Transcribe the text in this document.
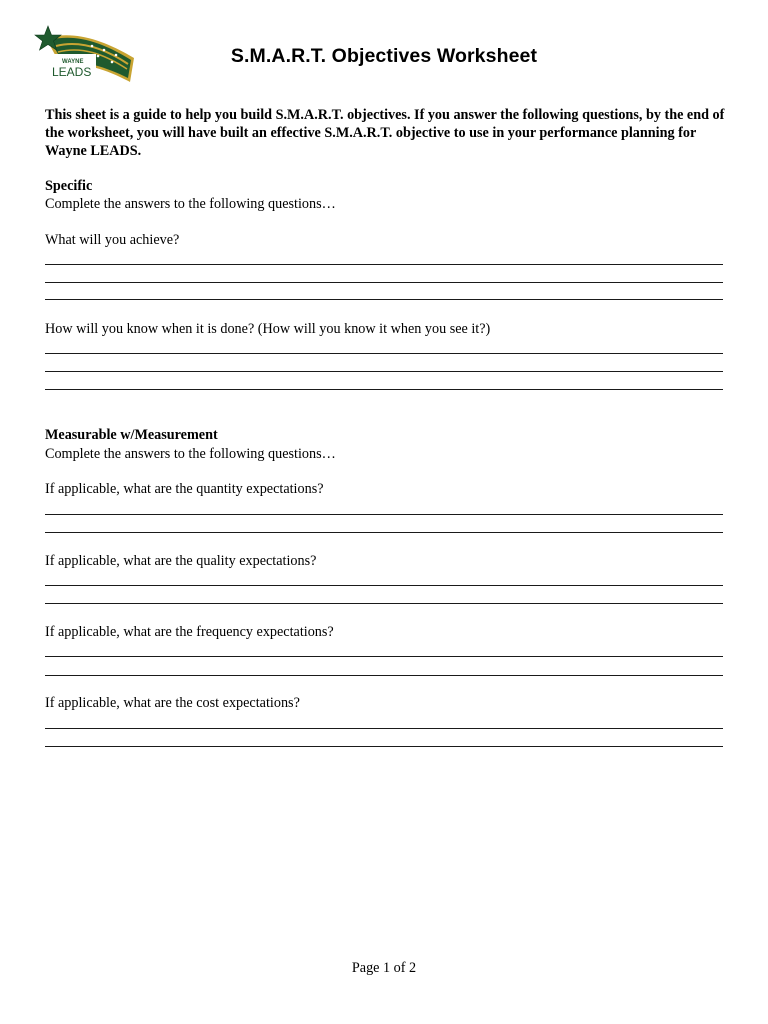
WAYNE
LEADS
S.M.A.R.T. Objectives Worksheet
This sheet is a guide to help you build S.M.A.R.T. objectives. If you answer the following questions, by the end of the worksheet, you will have built an effective S.M.A.R.T. objective to use in your performance planning for Wayne LEADS.
Specific
Complete the answers to the following questions…
What will you achieve?
How will you know when it is done? (How will you know it when you see it?)
Measurable w/Measurement
Complete the answers to the following questions…
If applicable, what are the quantity expectations?
If applicable, what are the quality expectations?
If applicable, what are the frequency expectations?
If applicable, what are the cost expectations?
Page 1 of 2
